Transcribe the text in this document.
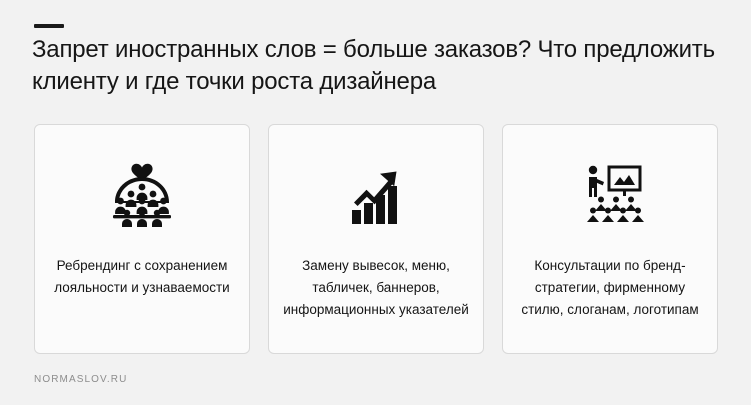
Запрет иностранных слов = больше заказов? Что предложить клиенту и где точки роста дизайнера
Ребрендинг с сохранением лояльности и узнаваемости
Замену вывесок, меню, табличек, баннеров, информационных указателей
Консультации по бренд-стратегии, фирменному стилю, слоганам, логотипам
NORMASLOV.RU
